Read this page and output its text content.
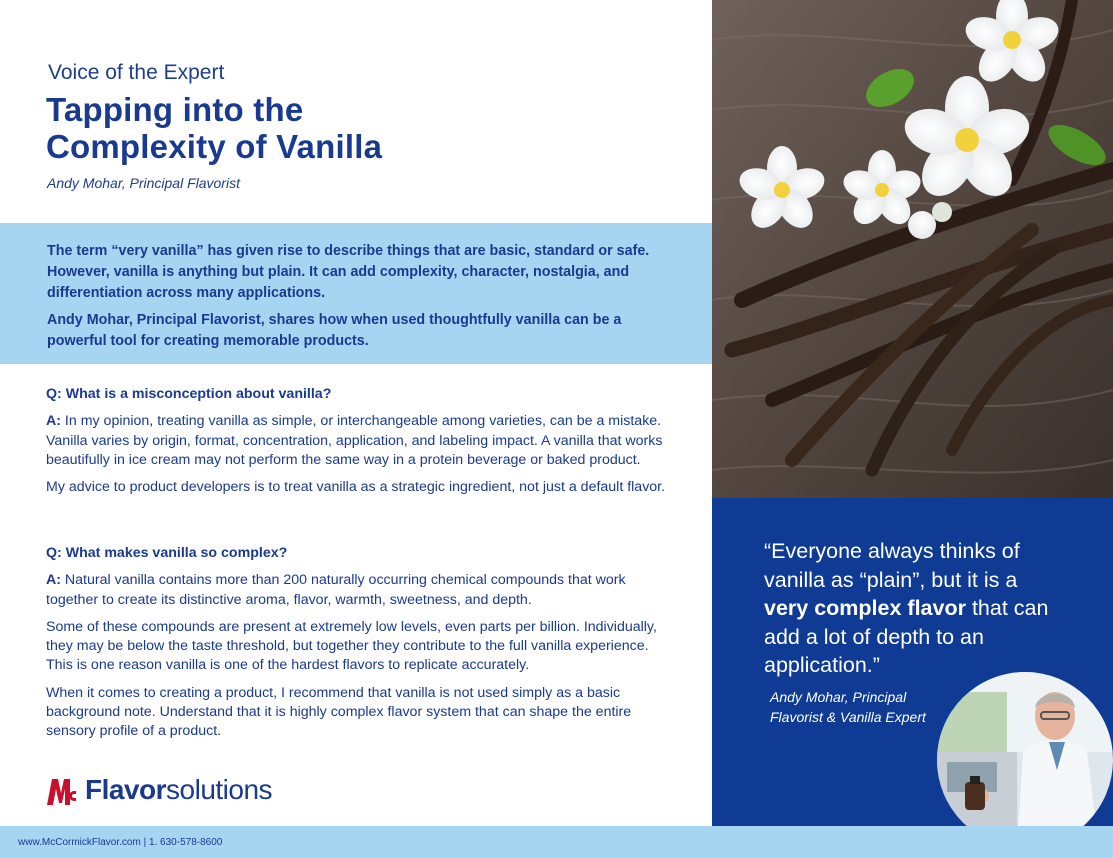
Voice of the Expert
Tapping into the
Complexity of Vanilla
Andy Mohar, Principal Flavorist

The term “very vanilla” has given rise to describe things that are basic, standard or safe. However, vanilla is anything but plain. It can add complexity, character, nostalgia, and differentiation across many applications.

Andy Mohar, Principal Flavorist, shares how when used thoughtfully vanilla can be a powerful tool for creating memorable products.

Q: What is a misconception about vanilla?

A: In my opinion, treating vanilla as simple, or interchangeable among varieties, can be a mistake. Vanilla varies by origin, format, concentration, application, and labeling impact. A vanilla that works beautifully in ice cream may not perform the same way in a protein beverage or baked product.

My advice to product developers is to treat vanilla as a strategic ingredient, not just a default flavor.

Q: What makes vanilla so complex?

A: Natural vanilla contains more than 200 naturally occurring chemical compounds that work together to create its distinctive aroma, flavor, warmth, sweetness, and depth.

Some of these compounds are present at extremely low levels, even parts per billion. Individually, they may be below the taste threshold, but together they contribute to the full vanilla experience. This is one reason vanilla is one of the hardest flavors to replicate accurately.

When it comes to creating a product, I recommend that vanilla is not used simply as a basic background note. Understand that it is highly complex flavor system that can shape the entire sensory profile of a product.

Flavor solutions

“Everyone always thinks of vanilla as “plain”, but it is a very complex flavor that can add a lot of depth to an application.”

Andy Mohar, Principal
Flavorist & Vanilla Expert
www.McCormickFlavor.com | 1. 630-578-8600
